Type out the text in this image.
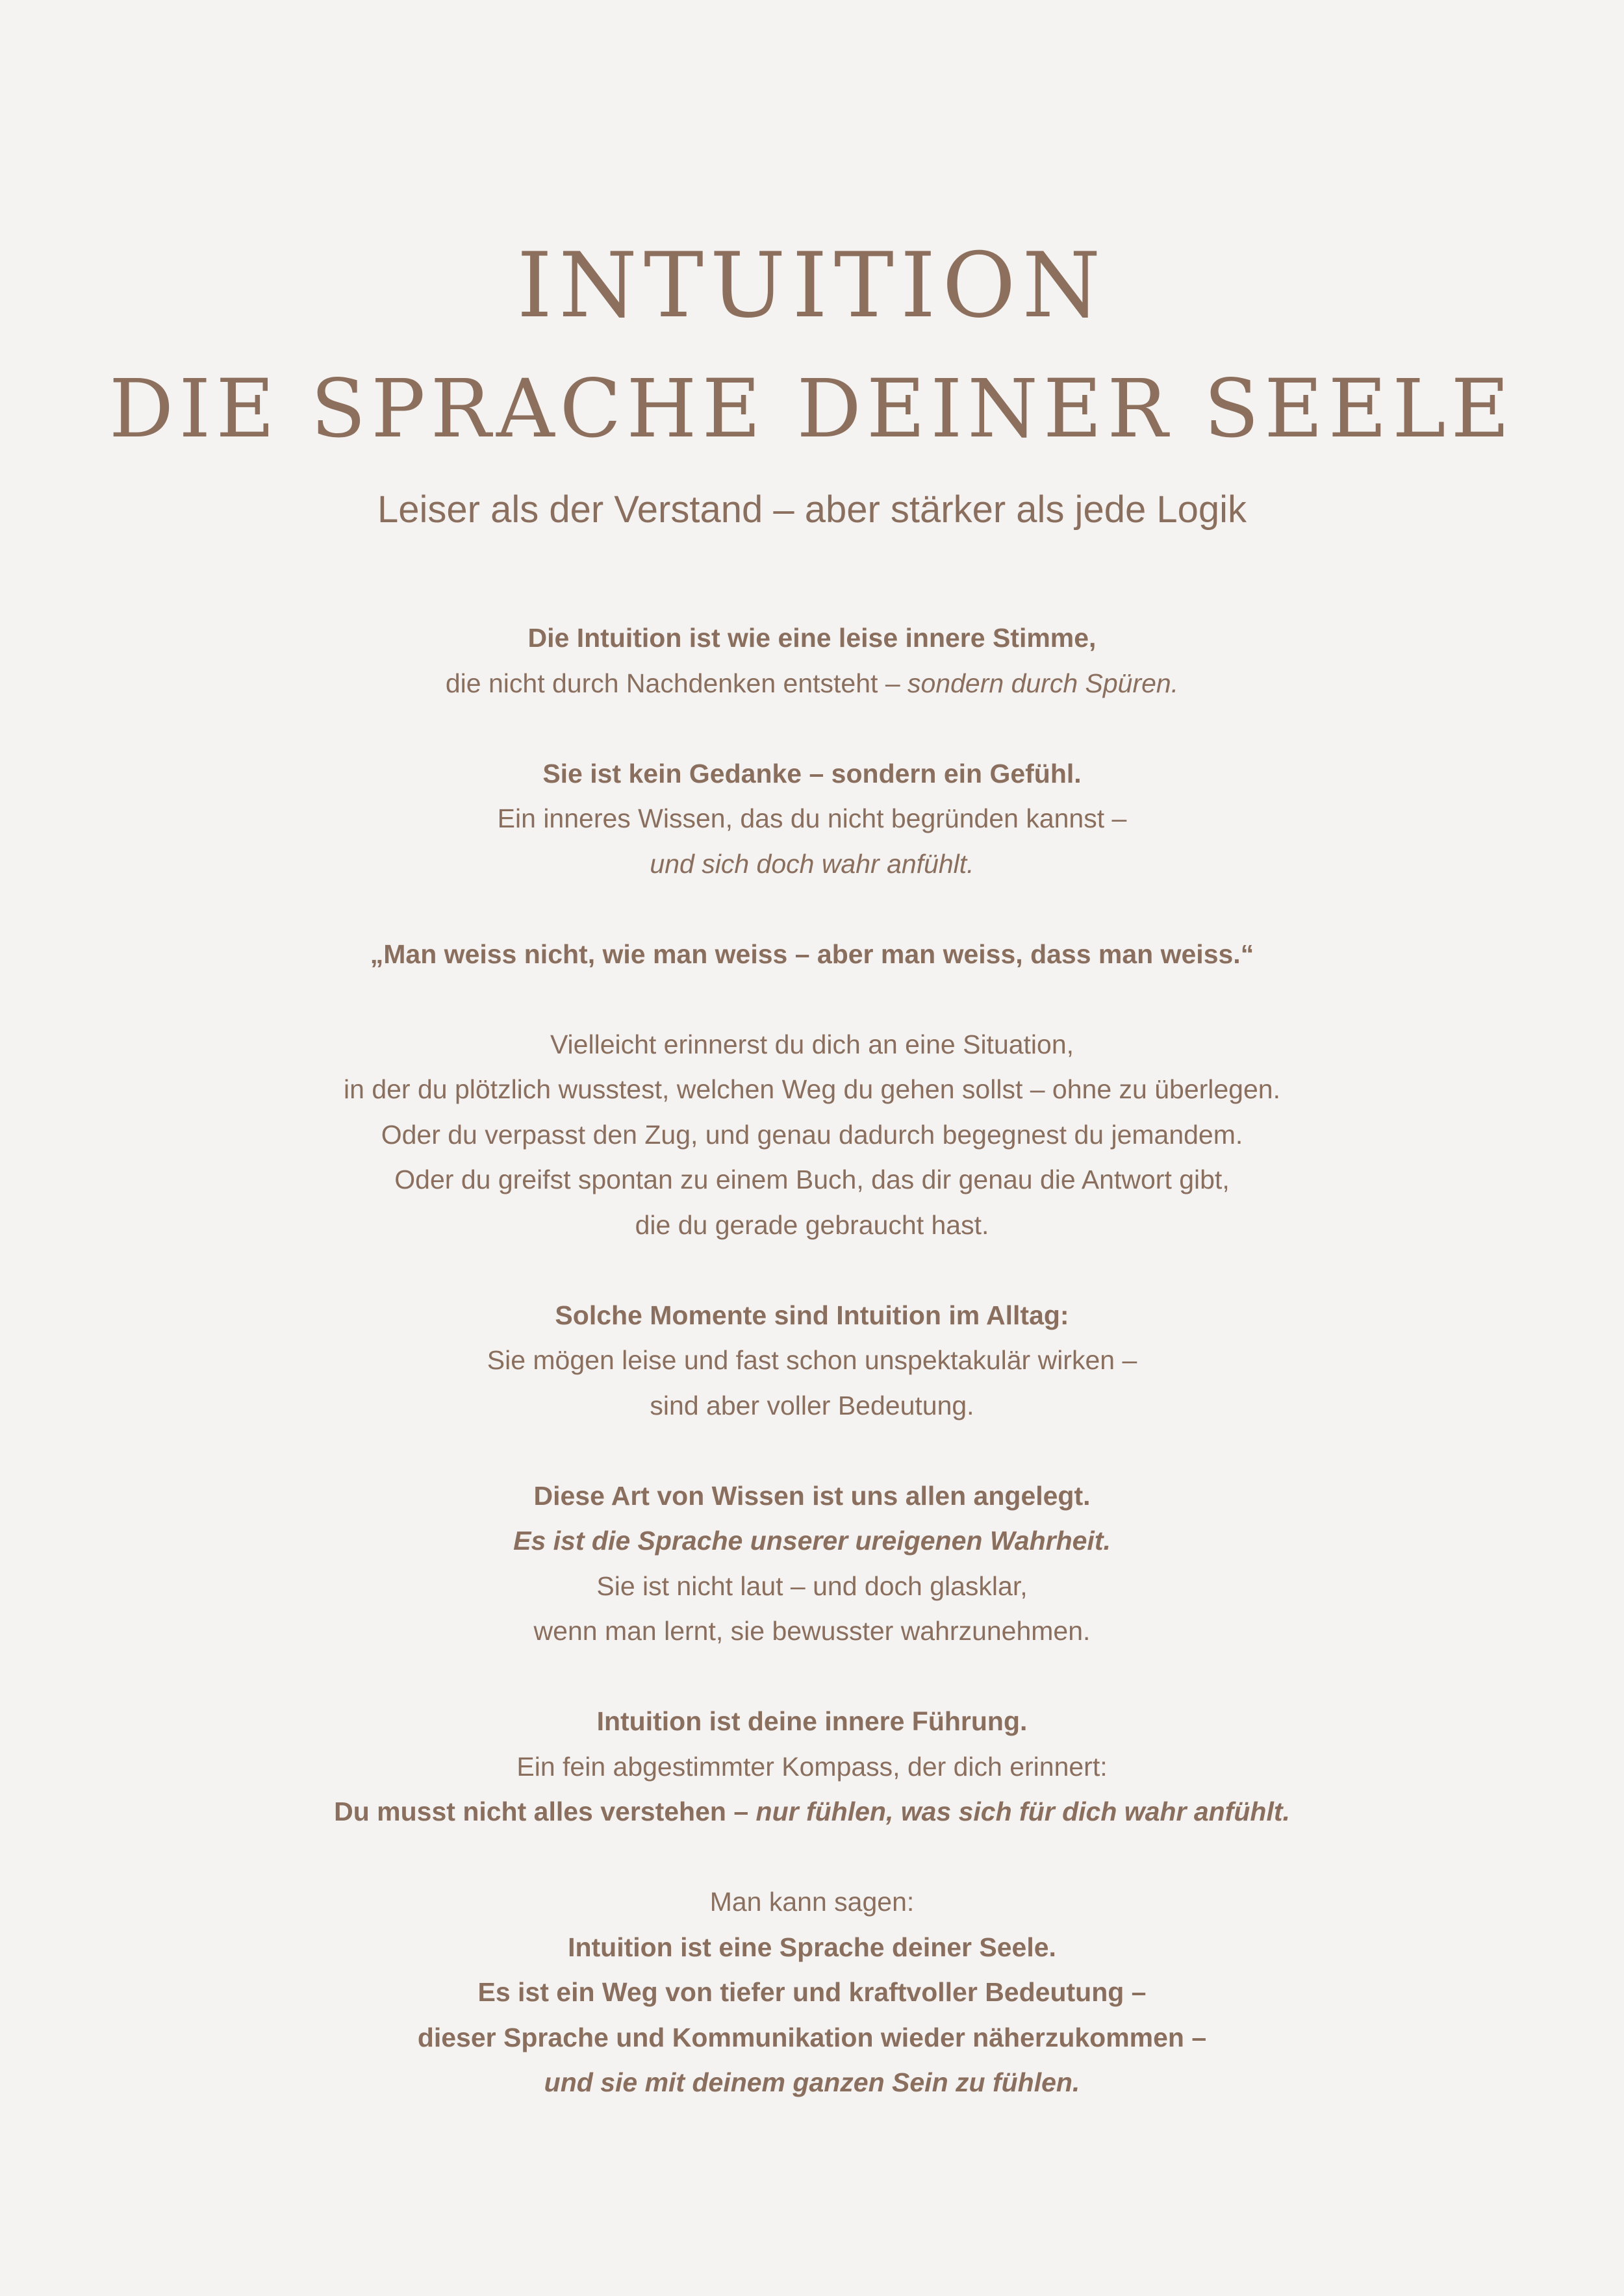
INTUITION
DIE SPRACHE DEINER SEELE

Leiser als der Verstand – aber stärker als jede Logik

Die Intuition ist wie eine leise innere Stimme,
die nicht durch Nachdenken entsteht – sondern durch Spüren.
Sie ist kein Gedanke – sondern ein Gefühl.
Ein inneres Wissen, das du nicht begründen kannst –
und sich doch wahr anfühlt.
„Man weiss nicht, wie man weiss – aber man weiss, dass man weiss.“
Vielleicht erinnerst du dich an eine Situation,
in der du plötzlich wusstest, welchen Weg du gehen sollst – ohne zu überlegen.
Oder du verpasst den Zug, und genau dadurch begegnest du jemandem.
Oder du greifst spontan zu einem Buch, das dir genau die Antwort gibt,
die du gerade gebraucht hast.
Solche Momente sind Intuition im Alltag:
Sie mögen leise und fast schon unspektakulär wirken –
sind aber voller Bedeutung.
Diese Art von Wissen ist uns allen angelegt.
Es ist die Sprache unserer ureigenen Wahrheit.
Sie ist nicht laut – und doch glasklar,
wenn man lernt, sie bewusster wahrzunehmen.
Intuition ist deine innere Führung.
Ein fein abgestimmter Kompass, der dich erinnert:
Du musst nicht alles verstehen – nur fühlen, was sich für dich wahr anfühlt.
Man kann sagen:
Intuition ist eine Sprache deiner Seele.
Es ist ein Weg von tiefer und kraftvoller Bedeutung –
dieser Sprache und Kommunikation wieder näherzukommen –
und sie mit deinem ganzen Sein zu fühlen.
